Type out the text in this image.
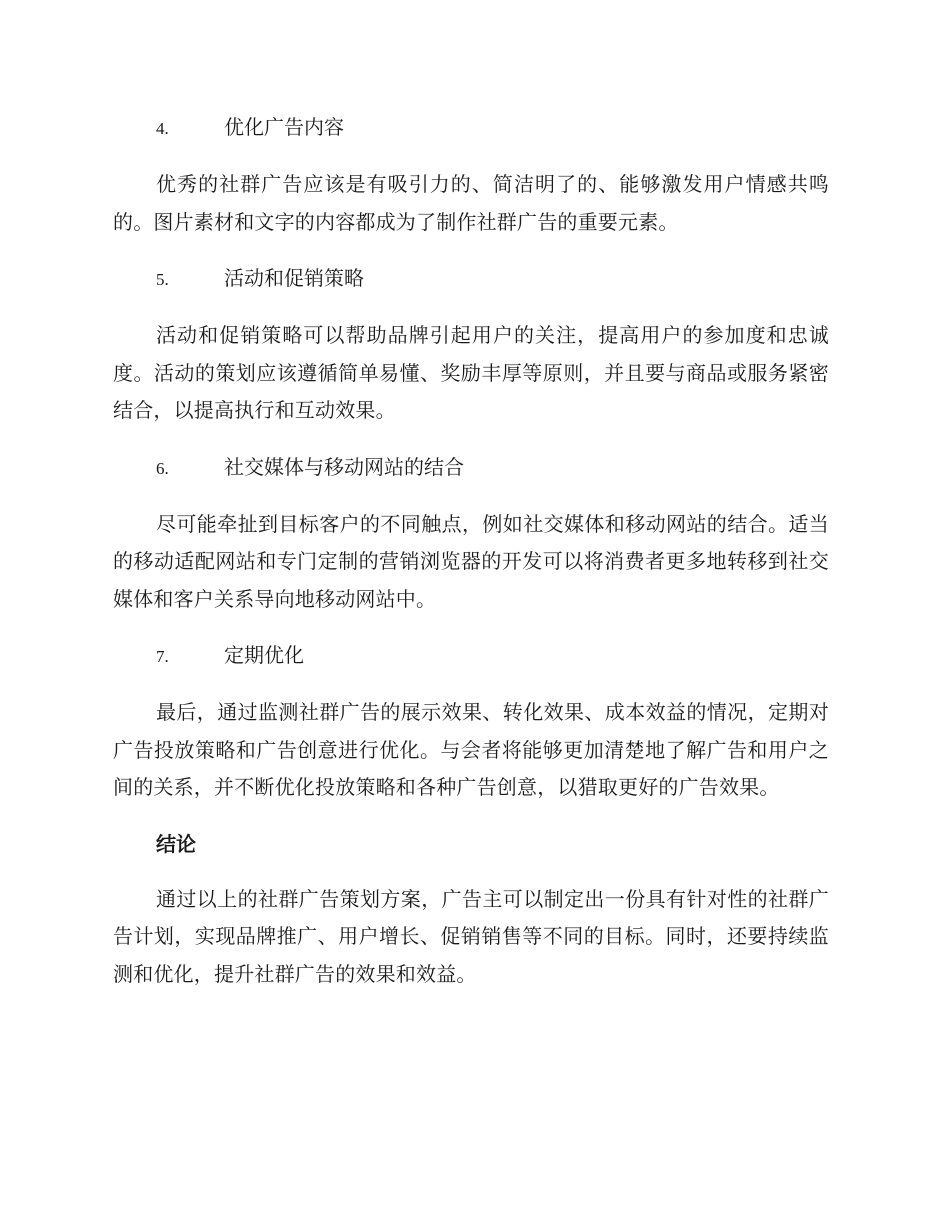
4.	优化广告内容

优秀的社群广告应该是有吸引力的、简洁明了的、能够激发用户情感共鸣的。图片素材和文字的内容都成为了制作社群广告的重要元素。

5.	活动和促销策略

活动和促销策略可以帮助品牌引起用户的关注，提高用户的参加度和忠诚度。活动的策划应该遵循简单易懂、奖励丰厚等原则，并且要与商品或服务紧密结合，以提高执行和互动效果。

6.	社交媒体与移动网站的结合

尽可能牵扯到目标客户的不同触点，例如社交媒体和移动网站的结合。适当的移动适配网站和专门定制的营销浏览器的开发可以将消费者更多地转移到社交媒体和客户关系导向地移动网站中。

7.	定期优化

最后，通过监测社群广告的展示效果、转化效果、成本效益的情况，定期对广告投放策略和广告创意进行优化。与会者将能够更加清楚地了解广告和用户之间的关系，并不断优化投放策略和各种广告创意，以猎取更好的广告效果。

结论

通过以上的社群广告策划方案，广告主可以制定出一份具有针对性的社群广告计划，实现品牌推广、用户增长、促销销售等不同的目标。同时，还要持续监测和优化，提升社群广告的效果和效益。
